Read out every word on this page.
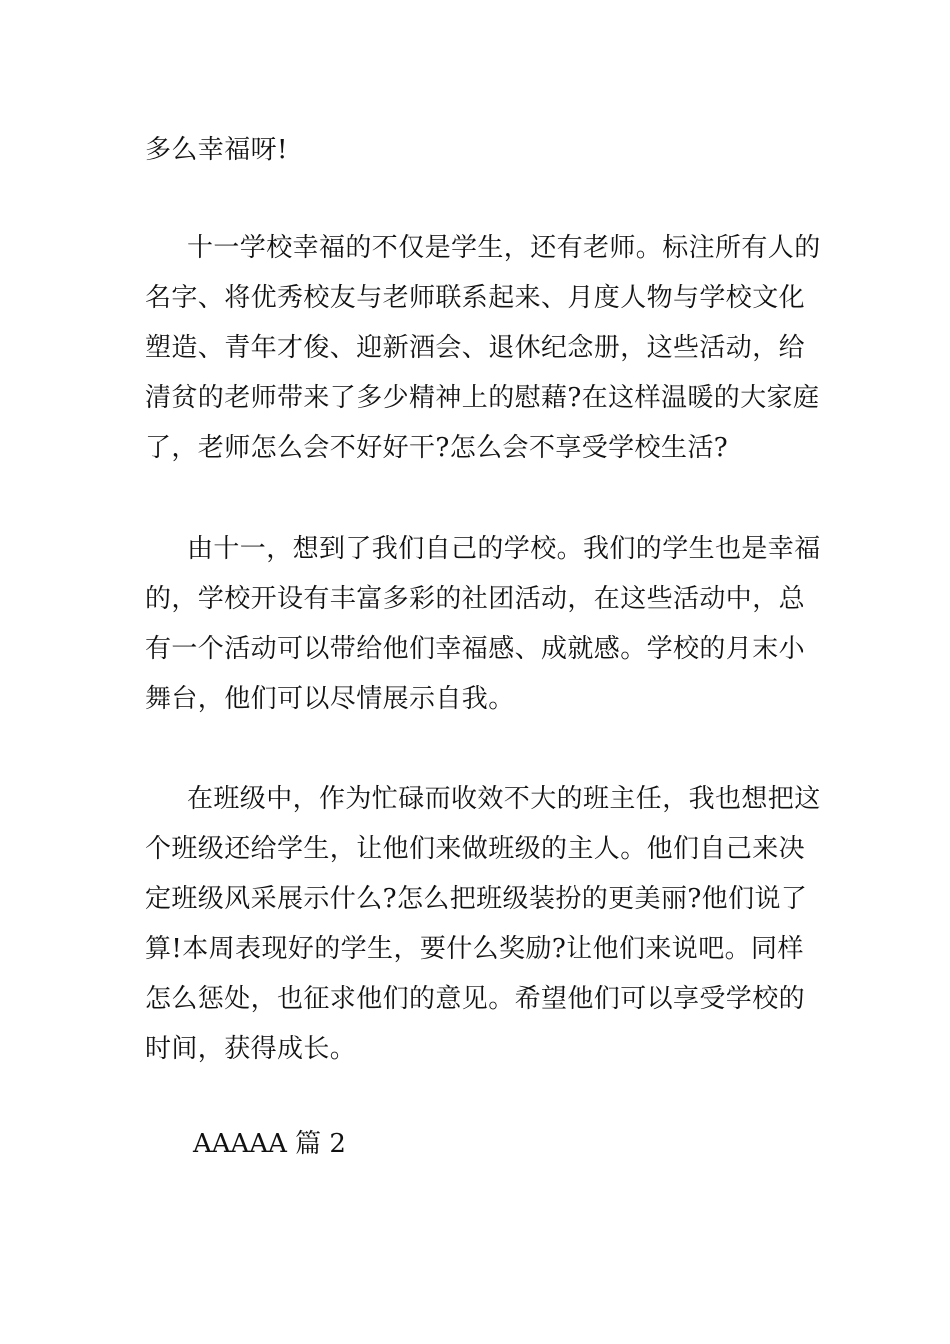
多么幸福呀!
十一学校幸福的不仅是学生，还有老师。标注所有人的
名字、将优秀校友与老师联系起来、月度人物与学校文化
塑造、青年才俊、迎新酒会、退休纪念册，这些活动，给
清贫的老师带来了多少精神上的慰藉?在这样温暖的大家庭
了，老师怎么会不好好干?怎么会不享受学校生活?
由十一，想到了我们自己的学校。我们的学生也是幸福
的，学校开设有丰富多彩的社团活动，在这些活动中，总
有一个活动可以带给他们幸福感、成就感。学校的月末小
舞台，他们可以尽情展示自我。
在班级中，作为忙碌而收效不大的班主任，我也想把这
个班级还给学生，让他们来做班级的主人。他们自己来决
定班级风采展示什么?怎么把班级装扮的更美丽?他们说了
算!本周表现好的学生，要什么奖励?让他们来说吧。同样
怎么惩处，也征求他们的意见。希望他们可以享受学校的
时间，获得成长。
AAAAA 篇 2
